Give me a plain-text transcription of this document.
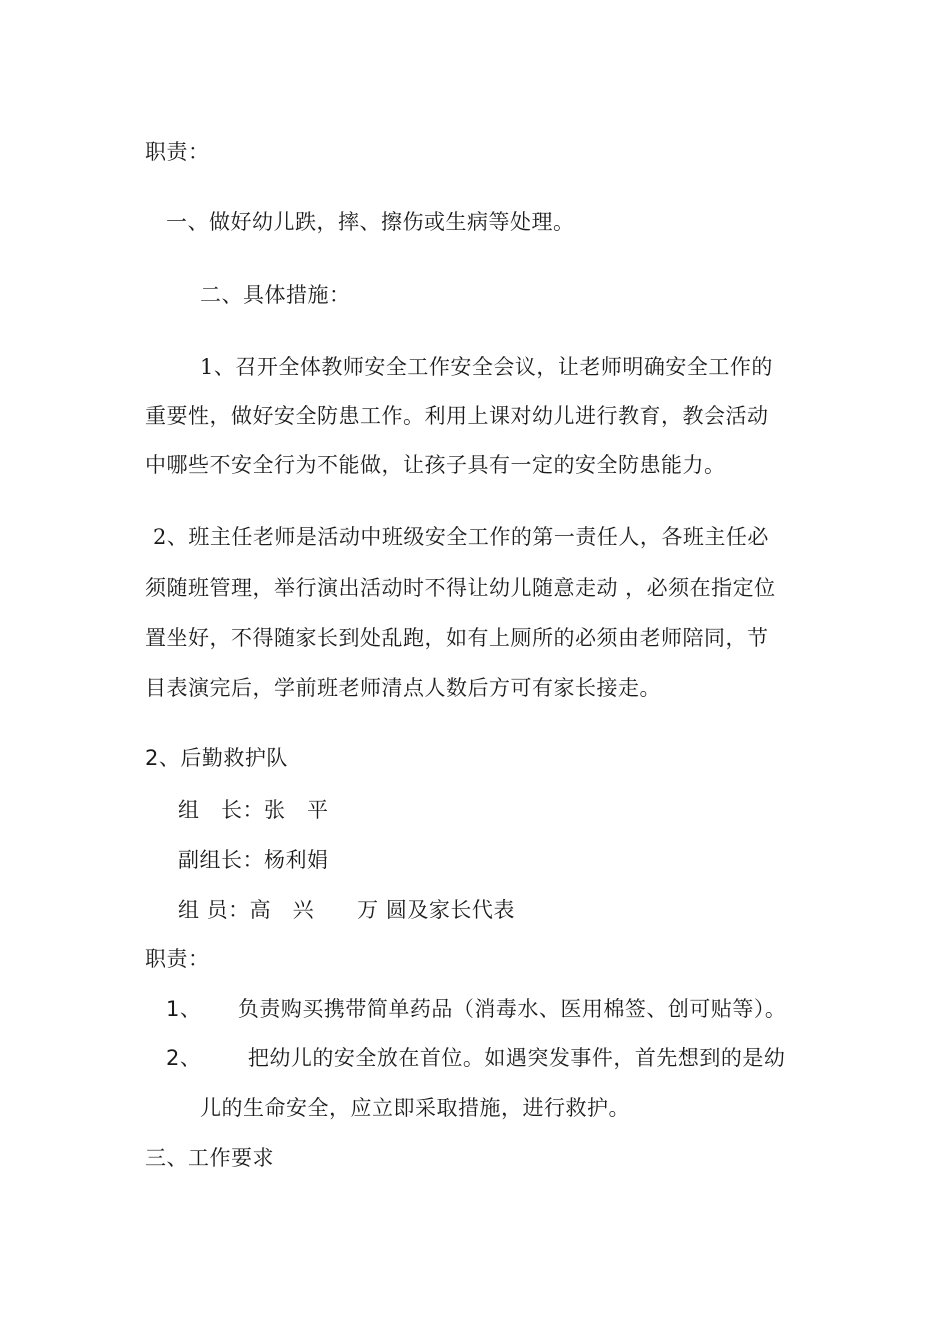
职责：
一、做好幼儿跌，摔、擦伤或生病等处理。
二、具体措施：
1、召开全体教师安全工作安全会议，让老师明确安全工作的
重要性，做好安全防患工作。利用上课对幼儿进行教育，教会活动
中哪些不安全行为不能做，让孩子具有一定的安全防患能力。
2、班主任老师是活动中班级安全工作的第一责任人，各班主任必
须随班管理，举行演出活动时不得让幼儿随意走动 ，必须在指定位
置坐好，不得随家长到处乱跑，如有上厕所的必须由老师陪同，节
目表演完后，学前班老师清点人数后方可有家长接走。
2、后勤救护队
组　长：张　平
副组长：杨利娟
组 员：高　兴　　万 圆及家长代表
职责：
1、 负责购买携带简单药品（消毒水、医用棉签、创可贴等）。
2、 把幼儿的安全放在首位。如遇突发事件，首先想到的是幼
儿的生命安全，应立即采取措施，进行救护。
三、工作要求
